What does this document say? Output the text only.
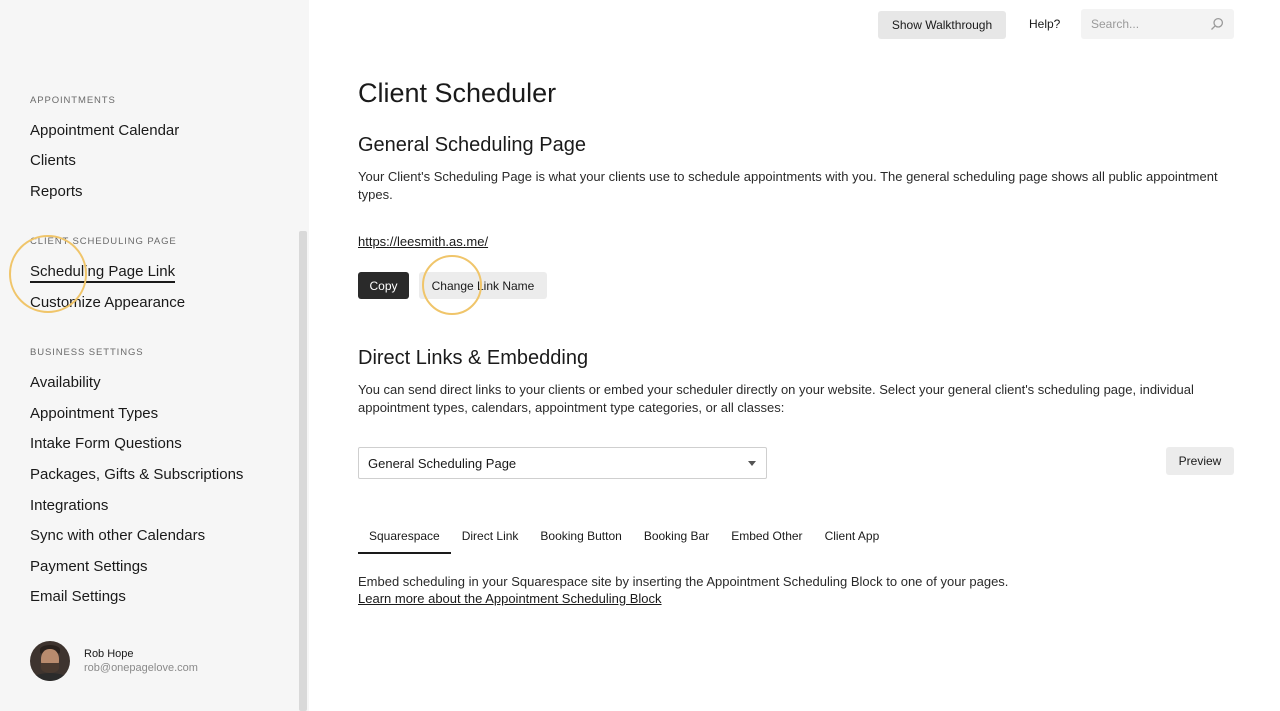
APPOINTMENTS
Appointment Calendar
Clients
Reports
CLIENT SCHEDULING PAGE
Scheduling Page Link
Customize Appearance
BUSINESS SETTINGS
Availability
Appointment Types
Intake Form Questions
Packages, Gifts & Subscriptions
Integrations
Sync with other Calendars
Payment Settings
Email Settings
Rob Hope
rob@onepagelove.com
Show Walkthrough	Help?
Search...
Client Scheduler
General Scheduling Page

Your Client's Scheduling Page is what your clients use to schedule appointments with you. The general scheduling page shows all public appointment types.

https://leesmith.as.me/
Copy	Change Link Name
Direct Links & Embedding

You can send direct links to your clients or embed your scheduler directly on your website. Select your general client's scheduling page, individual appointment types, calendars, appointment type categories, or all classes:

General Scheduling Page	Preview
Squarespace	Direct Link	Booking Button	Booking Bar	Embed Other	Client App

Embed scheduling in your Squarespace site by inserting the Appointment Scheduling Block to one of your pages.

Learn more about the Appointment Scheduling Block
